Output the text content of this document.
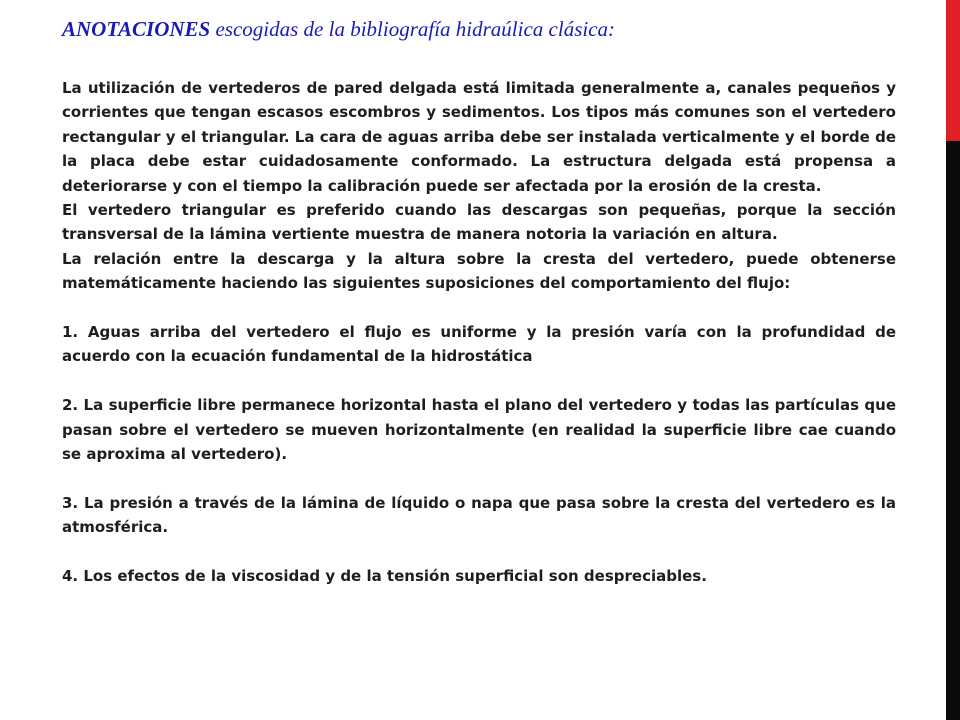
ANOTACIONES escogidas de la bibliografía hidraúlica clásica:

La utilización de vertederos de pared delgada está limitada generalmente a, canales pequeños y corrientes que tengan escasos escombros y sedimentos. Los tipos más comunes son el vertedero rectangular y el triangular. La cara de aguas arriba debe ser instalada verticalmente y el borde de la placa debe estar cuidadosamente conformado. La estructura delgada está propensa a deteriorarse y con el tiempo la calibración puede ser afectada por la erosión de la cresta.

El vertedero triangular es preferido cuando las descargas son pequeñas, porque la sección transversal de la lámina vertiente muestra de manera notoria la variación en altura.

La relación entre la descarga y la altura sobre la cresta del vertedero, puede obtenerse matemáticamente haciendo las siguientes suposiciones del comportamiento del flujo:

1. Aguas arriba del vertedero el flujo es uniforme y la presión varía con la profundidad de acuerdo con la ecuación fundamental de la hidrostática

2. La superficie libre permanece horizontal hasta el plano del vertedero y todas las partículas que pasan sobre el vertedero se mueven horizontalmente (en realidad la superficie libre cae cuando se aproxima al vertedero).

3. La presión a través de la lámina de líquido o napa que pasa sobre la cresta del vertedero es la atmosférica.

4. Los efectos de la viscosidad y de la tensión superficial son despreciables.
